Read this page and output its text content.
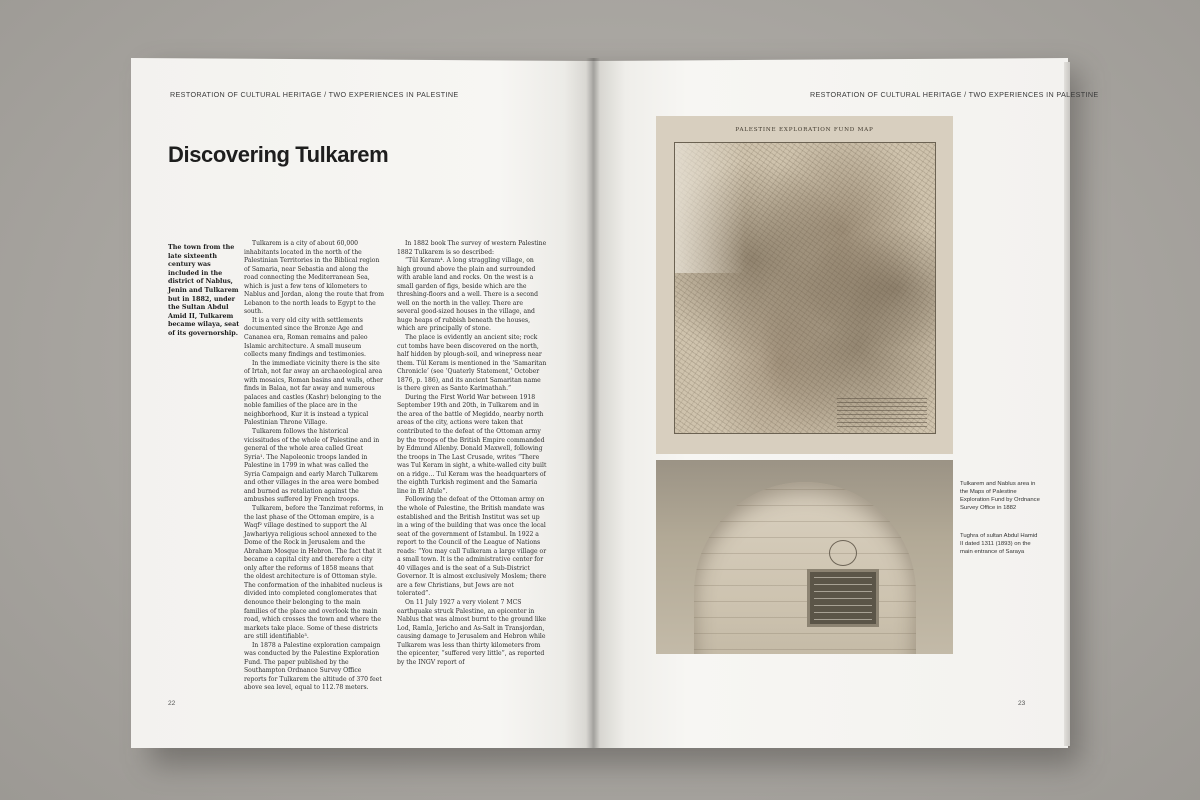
RESTORATION OF CULTURAL HERITAGE / TWO EXPERIENCES IN PALESTINE	RESTORATION OF CULTURAL HERITAGE / TWO EXPERIENCES IN PALESTINE
Discovering Tulkarem
The town from the late sixteenth century was included in the district of Nablus, Jenin and Tulkarem but in 1882, under the Sultan Abdul Amid II, Tulkarem became wilaya, seat of its governorship.

Tulkarem is a city of about 60,000 inhabitants located in the north of the Palestinian Territories in the Biblical region of Samaria, near Sebastia and along the road connecting the Mediterranean Sea, which is just a few tens of kilometers to Nablus and Jordan, along the route that from Lebanon to the north leads to Egypt to the south.

It is a very old city with settlements documented since the Bronze Age and Cananea era, Roman remains and paleo Islamic architecture. A small museum collects many findings and testimonies.

In the immediate vicinity there is the site of Irtah, not far away an archaeological area with mosaics, Roman basins and walls, other finds in Balaa, not far away and numerous palaces and castles (Kashr) belonging to the noble families of the place are in the neighborhood, Kur it is instead a typical Palestinian Throne Village.

Tulkarem follows the historical vicissitudes of the whole of Palestine and in general of the whole area called Great Syria¹. The Napoleonic troops landed in Palestine in 1799 in what was called the Syria Campaign and early March Tulkarem and other villages in the area were bombed and burned as retaliation against the ambushes suffered by French troops.

Tulkarem, before the Tanzimat reforms, in the last phase of the Ottoman empire, is a Waqf² village destined to support the Al Jawhariyya religious school annexed to the Dome of the Rock in Jerusalem and the Abraham Mosque in Hebron. The fact that it became a capital city and therefore a city only after the reforms of 1858 means that the oldest architecture is of Ottoman style. The conformation of the inhabited nucleus is divided into completed conglomerates that denounce their belonging to the main families of the place and overlook the main road, which crosses the town and where the markets take place. Some of these districts are still identifiable³.

In 1878 a Palestine exploration campaign was conducted by the Palestine Exploration Fund. The paper published by the Southampton Ordnance Survey Office reports for Tulkarem the altitude of 370 feet above sea level, equal to 112.78 meters.

In 1882 book The survey of western Palestine 1882 Tulkarem is so described:

“Tûl Keram⁴. A long straggling village, on high ground above the plain and surrounded with arable land and rocks. On the west is a small garden of figs, beside which are the threshing-floors and a well. There is a second well on the north in the valley. There are several good-sized houses in the village, and huge heaps of rubbish beneath the houses, which are principally of stone.

The place is evidently an ancient site; rock cut tombs have been discovered on the north, half hidden by plough-soil, and winepress near them. Tûl Keram is mentioned in the ‘Samaritan Chronicle’ (see ‘Quaterly Statement,’ October 1876, p. 186), and its ancient Samaritan name is there given as Santo Karimathah.”

During the First World War between 1918 September 19th and 20th, in Tulkarem and in the area of the battle of Megiddo, nearby north areas of the city, actions were taken that contributed to the defeat of the Ottoman army by the troops of the British Empire commanded by Edmund Allenby. Donald Maxwell, following the troops in The Last Crusade, writes “There was Tul Keram in sight, a white-walled city built on a ridge… Tul Keram was the headquarters of the eighth Turkish regiment and the Samaria line in El Afule”.

Following the defeat of the Ottoman army on the whole of Palestine, the British mandate was established and the British Institut was set up in a wing of the building that was once the local seat of the government of Istambul. In 1922 a report to the Council of the League of Nations reads: “You may call Tulkeram a large village or a small town. It is the administrative center for 40 villages and is the seat of a Sub-District Governor. It is almost exclusively Moslem; there are a few Christians, but Jews are not tolerated”.

On 11 July 1927 a very violent 7 MCS earthquake struck Palestine, an epicenter in Nablus that was almost burnt to the ground like Lod, Ramla, Jericho and As-Salt in Transjordan, causing damage to Jerusalem and Hebron while Tulkarem was less than thirty kilometers from the epicenter, “suffered very little”, as reported by the INGV report of

22	23
PALESTINE EXPLORATION FUND MAP
Tulkarem and Nablus area in the Maps of Palestine Exploration Fund by Ordnance Survey Office in 1882
Tughra of sultan Abdul Hamid II dated 1311 (1893) on the main entrance of Saraya
